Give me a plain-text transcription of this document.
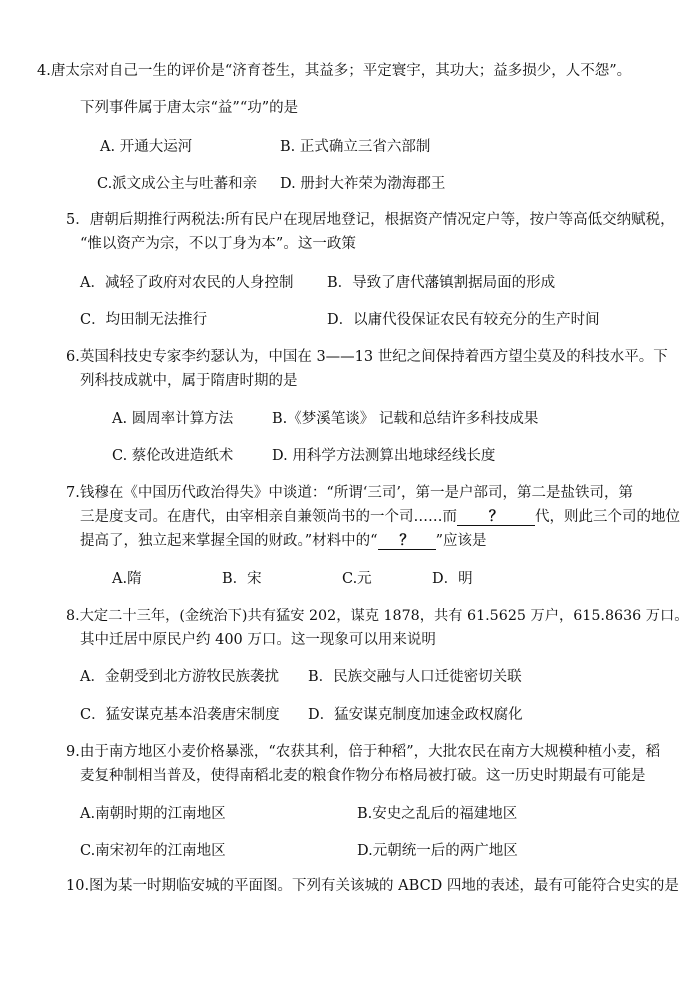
4.唐太宗对自己一生的评价是“济育苍生，其益多；平定寰宇，其功大；益多损少，人不怨”。
下列事件属于唐太宗“益”“功”的是
A. 开通大运河	B. 正式确立三省六部制
C.派文成公主与吐蕃和亲 D. 册封大祚荣为渤海郡王
5．唐朝后期推行两税法:所有民户在现居地登记，根据资产情况定户等，按户等高低交纳赋税，
“惟以资产为宗，不以丁身为本”。这一政策
A．减轻了政府对农民的人身控制 B．导致了唐代藩镇割据局面的形成
C．均田制无法推行	D．以庸代役保证农民有较充分的生产时间
6.英国科技史专家李约瑟认为，中国在 3——13 世纪之间保持着西方望尘莫及的科技水平。下
列科技成就中，属于隋唐时期的是
A. 圆周率计算方法	B.《梦溪笔谈》 记载和总结许多科技成果
C. 蔡伦改进造纸术	D. 用科学方法测算出地球经线长度
7.钱穆在《中国历代政治得失》中谈道：“所谓‘三司’，第一是户部司，第二是盐铁司，第
三是度支司。在唐代，由宰相亲自兼领尚书的一个司……而 ？ 代，则此三个司的地位
提高了，独立起来掌握全国的财政。”材料中的“ ？ ”应该是
A.隋	B．宋	C.元	D．明
8.大定二十三年，(金统治下)共有猛安 202，谋克 1878，共有 61.5625 万户，615.8636 万口。
其中迁居中原民户约 400 万口。这一现象可以用来说明
A．金朝受到北方游牧民族袭扰 B．民族交融与人口迁徙密切关联
C．猛安谋克基本沿袭唐宋制度 D．猛安谋克制度加速金政权腐化
9.由于南方地区小麦价格暴涨，“农获其利，倍于种稻”，大批农民在南方大规模种植小麦，稻
麦复种制相当普及，使得南稻北麦的粮食作物分布格局被打破。这一历史时期最有可能是
A.南朝时期的江南地区	B.安史之乱后的福建地区
C.南宋初年的江南地区	D.元朝统一后的两广地区
10.图为某一时期临安城的平面图。下列有关该城的 ABCD 四地的表述，最有可能符合史实的是
